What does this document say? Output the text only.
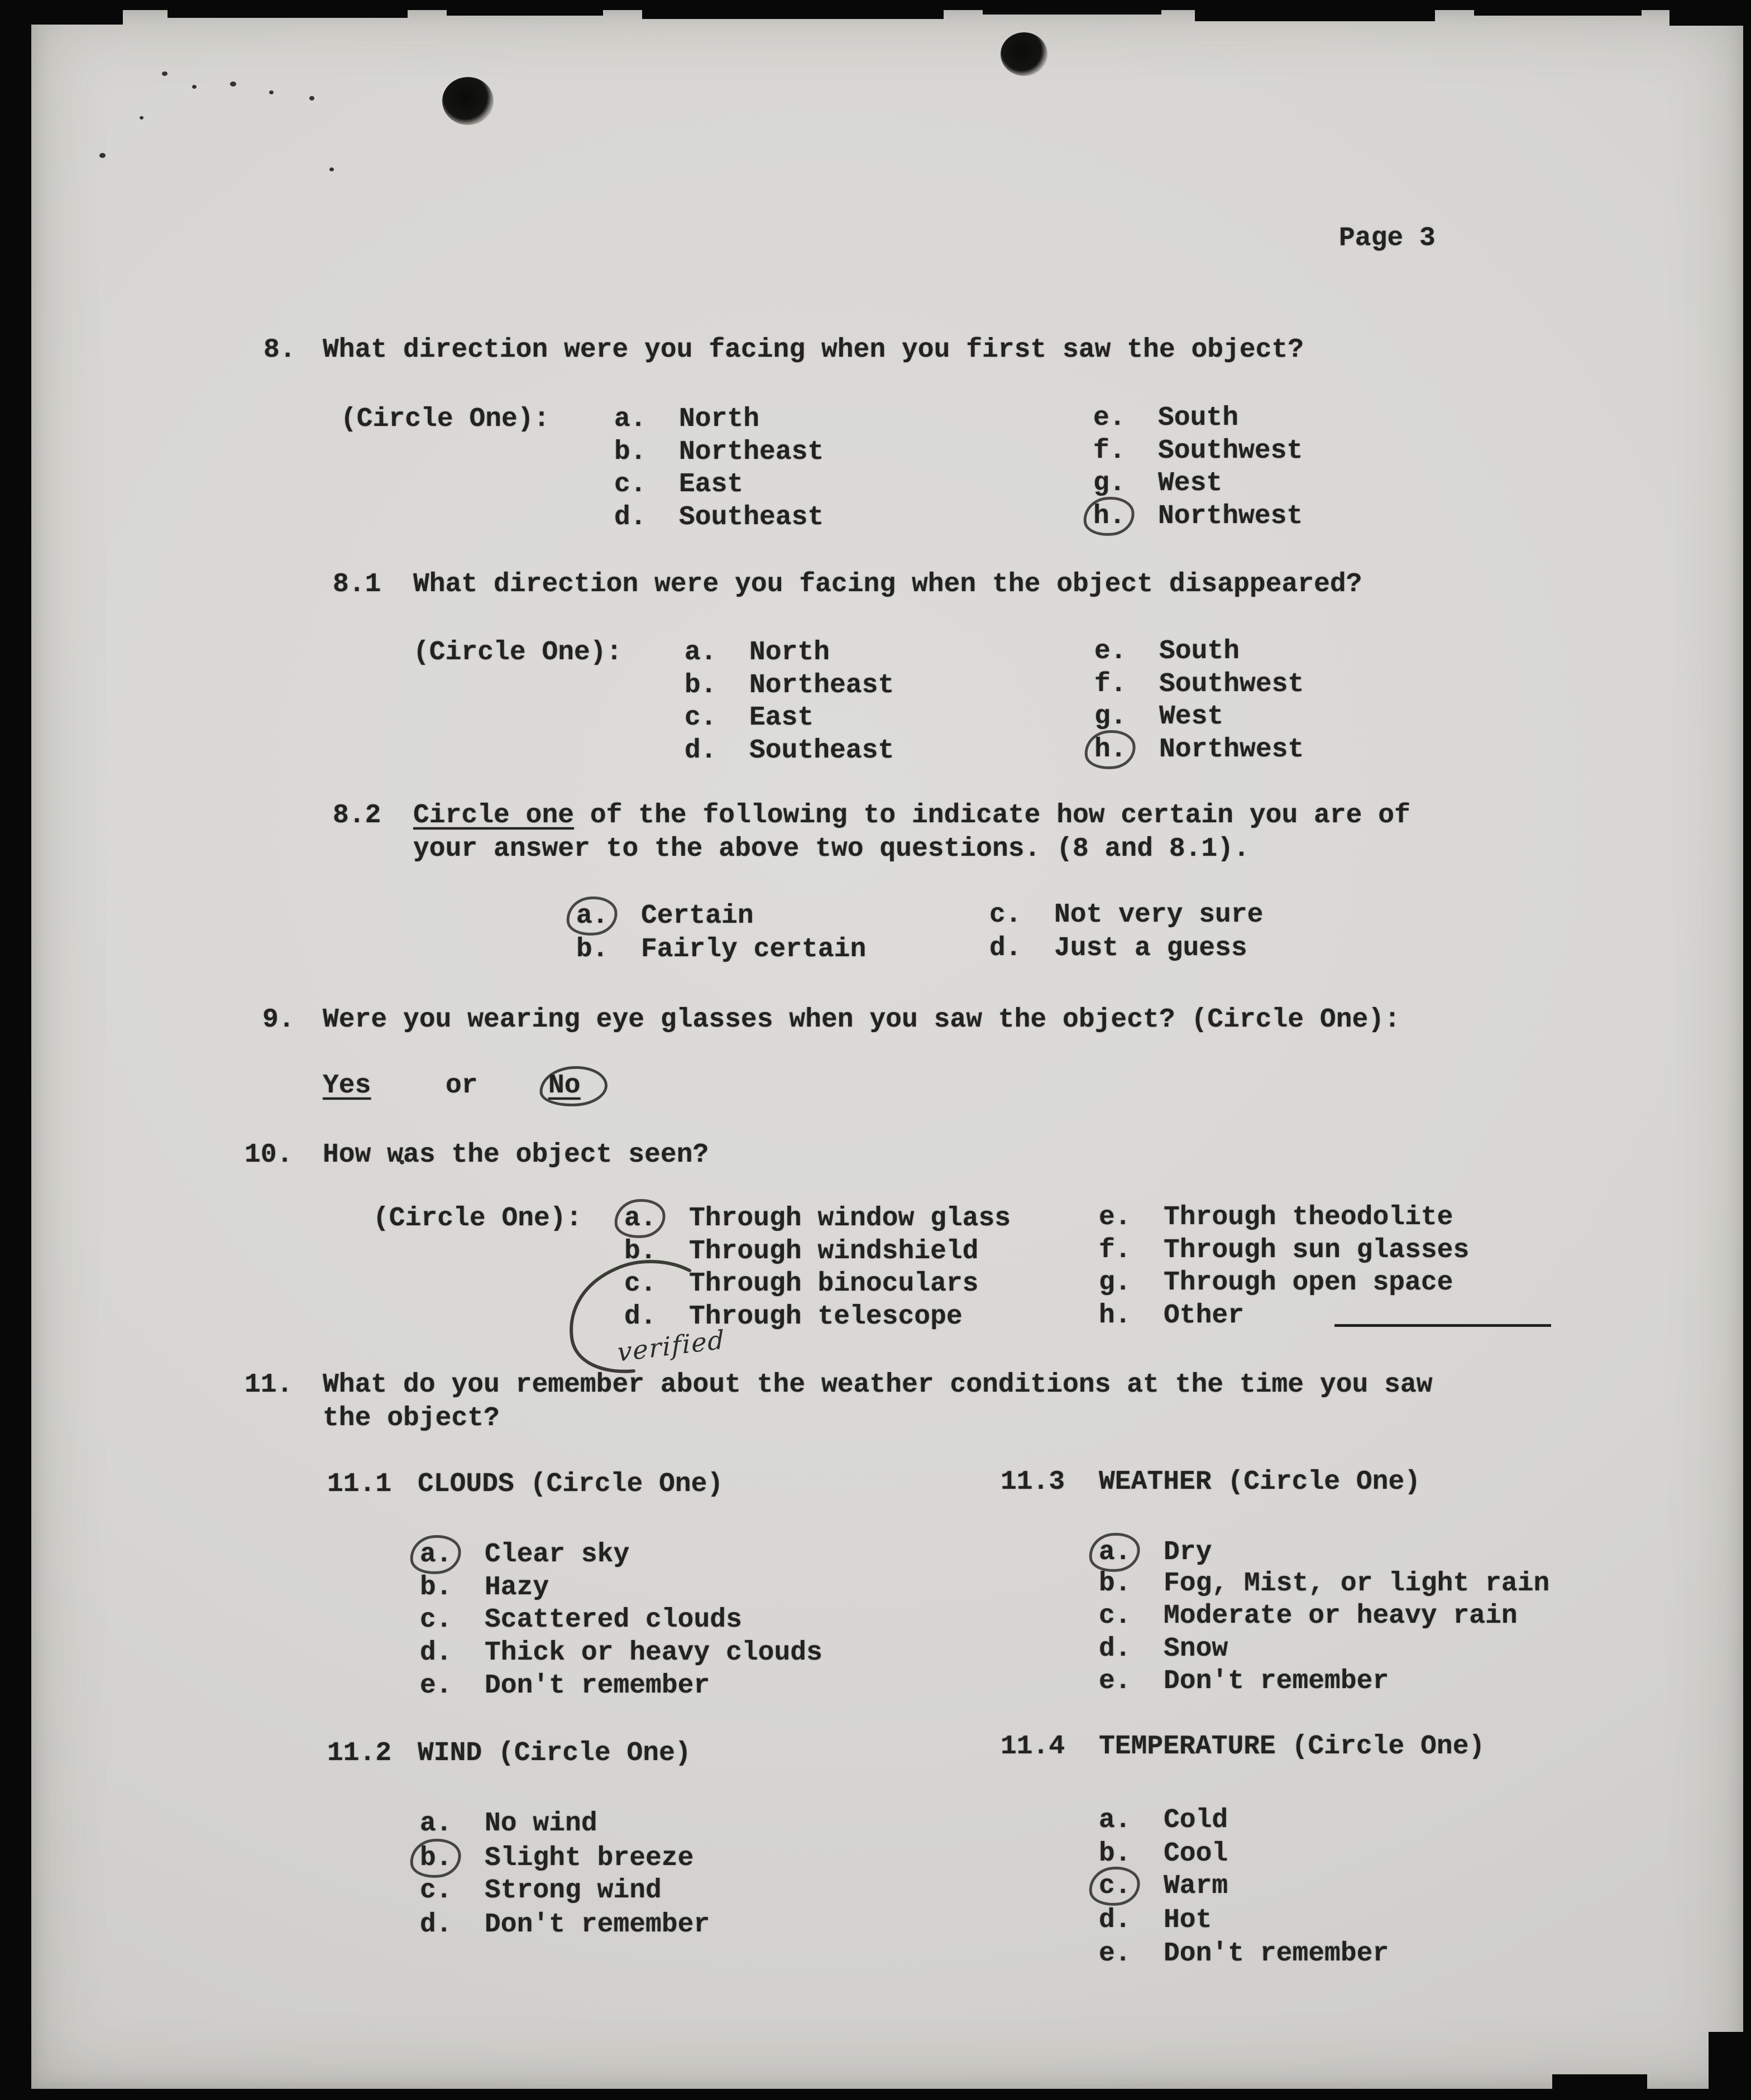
Page 3
8. What direction were you facing when you first saw the object?
(Circle One): a. North
b. Northeast
c. East
d. Southeast
e. South
f. Southwest
g. West
h. Northwest
8.1 What direction were you facing when the object disappeared?
(Circle One): a. North
b. Northeast
c. East
d. Southeast
e. South
f. Southwest
g. West
h. Northwest
8.2 Circle one of the following to indicate how certain you are of
your answer to the above two questions. (8 and 8.1).
a. Certain
b. Fairly certain
c. Not very sure
d. Just a guess
9. Were you wearing eye glasses when you saw the object? (Circle One):
Yes	or	No
10. How was the object seen?
(Circle One): a. Through window glass
b. Through windshield
c. Through binoculars
d. Through telescope
e. Through theodolite
f. Through sun glasses
g. Through open space
h. Other
verified
11. What do you remember about the weather conditions at the time you saw
the object?
11.1 CLOUDS (Circle One)
a. Clear sky
b. Hazy
c. Scattered clouds
d. Thick or heavy clouds
e. Don't remember
11.3 WEATHER (Circle One)
a. Dry
b. Fog, Mist, or light rain
c. Moderate or heavy rain
d. Snow
e. Don't remember
11.2 WIND (Circle One)
a. No wind
b. Slight breeze
c. Strong wind
d. Don't remember
11.4 TEMPERATURE (Circle One)
a. Cold
b. Cool
c. Warm
d. Hot
e. Don't remember
